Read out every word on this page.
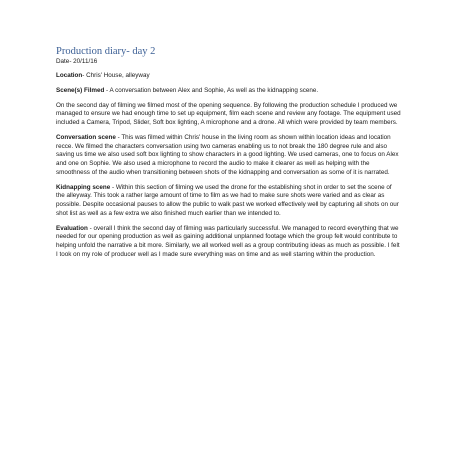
Production diary- day 2

Date- 20/11/16

Location- Chris' House, alleyway

Scene(s) Filmed - A conversation between Alex and Sophie, As well as the kidnapping scene.

On the second day of filming we filmed most of the opening sequence. By following the production schedule I produced we managed to ensure we had enough time to set up equipment, film each scene and review any footage. The equipment used included a Camera, Tripod, Slider, Soft box lighting, A microphone and a drone. All which were provided by team members.

Conversation scene - This was filmed within Chris' house in the living room as shown within location ideas and location recce. We filmed the characters conversation using two cameras enabling us to not break the 180 degree rule and also saving us time we also used soft box lighting to show characters in a good lighting. We used cameras, one to focus on Alex and one on Sophie. We also used a microphone to record the audio to make it clearer as well as helping with the smoothness of the audio when transitioning between shots of the kidnapping and conversation as some of it is narrated.

Kidnapping scene - Within this section of filming we used the drone for the establishing shot in order to set the scene of the alleyway. This took a rather large amount of time to film as we had to make sure shots were varied and as clear as possible. Despite occasional pauses to allow the public to walk past we worked effectively well by capturing all shots on our shot list as well as a few extra we also finished much earlier than we intended to.

Evaluation - overall I think the second day of filming was particularly successful. We managed to record everything that we needed for our opening production as well as gaining additional unplanned footage which the group felt would contribute to helping unfold the narrative a bit more. Similarly, we all worked well as a group contributing ideas as much as possible. I felt I took on my role of producer well as I made sure everything was on time and as well starring within the production.
